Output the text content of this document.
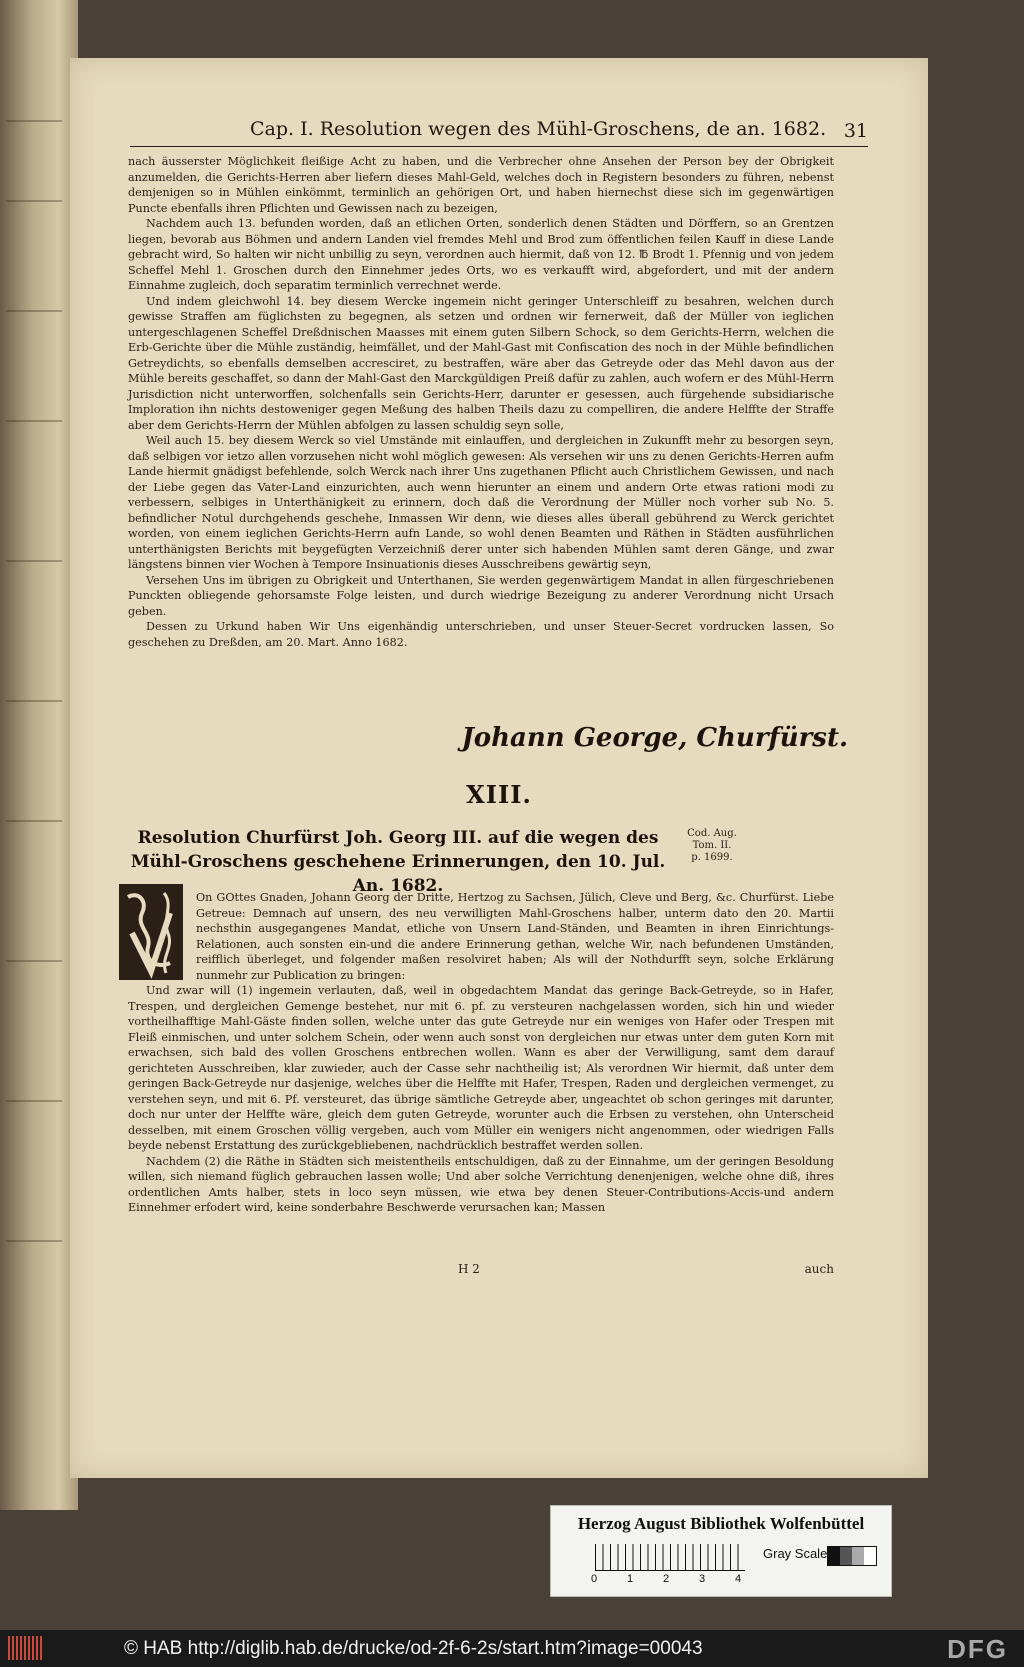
Cap. I. Resolution wegen des Mühl-Groschens, de an. 1682. 31

nach äusserster Möglichkeit fleißige Acht zu haben, und die Verbrecher ohne Ansehen der Person bey der Obrigkeit anzumelden, die Gerichts-Herren aber liefern dieses Mahl-Geld, welches doch in Registern besonders zu führen, nebenst demjenigen so in Mühlen einkömmt, terminlich an gehörigen Ort, und haben hiernechst diese sich im gegenwärtigen Puncte ebenfalls ihren Pflichten und Gewissen nach zu bezeigen,

Nachdem auch 13. befunden worden, daß an etlichen Orten, sonderlich denen Städten und Dörffern, so an Grentzen liegen, bevorab aus Böhmen und andern Landen viel fremdes Mehl und Brod zum öffentlichen feilen Kauff in diese Lande gebracht wird, So halten wir nicht unbillig zu seyn, verordnen auch hiermit, daß von 12. ℔ Brodt 1. Pfennig und von jedem Scheffel Mehl 1. Groschen durch den Einnehmer jedes Orts, wo es verkaufft wird, abgefordert, und mit der andern Einnahme zugleich, doch separatim terminlich verrechnet werde.

Und indem gleichwohl 14. bey diesem Wercke ingemein nicht geringer Unterschleiff zu besahren, welchen durch gewisse Straffen am füglichsten zu begegnen, als setzen und ordnen wir fernerweit, daß der Müller von ieglichen untergeschlagenen Scheffel Dreßdnischen Maasses mit einem guten Silbern Schock, so dem Gerichts-Herrn, welchen die Erb-Gerichte über die Mühle zuständig, heimfället, und der Mahl-Gast mit Confiscation des noch in der Mühle befindlichen Getreydichts, so ebenfalls demselben accresciret, zu bestraffen, wäre aber das Getreyde oder das Mehl davon aus der Mühle bereits geschaffet, so dann der Mahl-Gast den Marckgüldigen Preiß dafür zu zahlen, auch wofern er des Mühl-Herrn Jurisdiction nicht unterworffen, solchenfalls sein Gerichts-Herr, darunter er gesessen, auch fürgehende subsidiarische Imploration ihn nichts destoweniger gegen Meßung des halben Theils dazu zu compelliren, die andere Helffte der Straffe aber dem Gerichts-Herrn der Mühlen abfolgen zu lassen schuldig seyn solle,

Weil auch 15. bey diesem Werck so viel Umstände mit einlauffen, und dergleichen in Zukunfft mehr zu besorgen seyn, daß selbigen vor ietzo allen vorzusehen nicht wohl möglich gewesen: Als versehen wir uns zu denen Gerichts-Herren aufm Lande hiermit gnädigst befehlende, solch Werck nach ihrer Uns zugethanen Pflicht auch Christlichem Gewissen, und nach der Liebe gegen das Vater-Land einzurichten, auch wenn hierunter an einem und andern Orte etwas rationi modi zu verbessern, selbiges in Unterthänigkeit zu erinnern, doch daß die Verordnung der Müller noch vorher sub No. 5. befindlicher Notul durchgehends geschehe, Inmassen Wir denn, wie dieses alles überall gebührend zu Werck gerichtet worden, von einem ieglichen Gerichts-Herrn aufn Lande, so wohl denen Beamten und Räthen in Städten ausführlichen unterthänigsten Berichts mit beygefügten Verzeichniß derer unter sich habenden Mühlen samt deren Gänge, und zwar längstens binnen vier Wochen à Tempore Insinuationis dieses Ausschreibens gewärtig seyn,

Versehen Uns im übrigen zu Obrigkeit und Unterthanen, Sie werden gegenwärtigem Mandat in allen fürgeschriebenen Punckten obliegende gehorsamste Folge leisten, und durch wiedrige Bezeigung zu anderer Verordnung nicht Ursach geben.

Dessen zu Urkund haben Wir Uns eigenhändig unterschrieben, und unser Steuer-Secret vordrucken lassen, So geschehen zu Dreßden, am 20. Mart. Anno 1682.

Johann George, Churfürst.
XIII.
Resolution Churfürst Joh. Georg III. auf die wegen des Mühl-Groschens geschehene Erinnerungen, den 10. Jul. An. 1682.
Cod. Aug.
Tom. II.
p. 1699.

On GOttes Gnaden, Johann Georg der Dritte, Hertzog zu Sachsen, Jülich, Cleve und Berg, &c. Churfürst. Liebe Getreue: Demnach auf unsern, des neu verwilligten Mahl-Groschens halber, unterm dato den 20. Martii nechsthin ausgegangenes Mandat, etliche von Unsern Land-Ständen, und Beamten in ihren Einrichtungs-Relationen, auch sonsten ein-und die andere Erinnerung gethan, welche Wir, nach befundenen Umständen, reifflich überleget, und folgender maßen resolviret haben; Als will der Nothdurfft seyn, solche Erklärung nunmehr zur Publication zu bringen:

Und zwar will (1) ingemein verlauten, daß, weil in obgedachtem Mandat das geringe Back-Getreyde, so in Hafer, Trespen, und dergleichen Gemenge bestehet, nur mit 6. pf. zu versteuren nachgelassen worden, sich hin und wieder vortheilhafftige Mahl-Gäste finden sollen, welche unter das gute Getreyde nur ein weniges von Hafer oder Trespen mit Fleiß einmischen, und unter solchem Schein, oder wenn auch sonst von dergleichen nur etwas unter dem guten Korn mit erwachsen, sich bald des vollen Groschens entbrechen wollen. Wann es aber der Verwilligung, samt dem darauf gerichteten Ausschreiben, klar zuwieder, auch der Casse sehr nachtheilig ist; Als verordnen Wir hiermit, daß unter dem geringen Back-Getreyde nur dasjenige, welches über die Helffte mit Hafer, Trespen, Raden und dergleichen vermenget, zu verstehen seyn, und mit 6. Pf. versteuret, das übrige sämtliche Getreyde aber, ungeachtet ob schon geringes mit darunter, doch nur unter der Helffte wäre, gleich dem guten Getreyde, worunter auch die Erbsen zu verstehen, ohn Unterscheid desselben, mit einem Groschen völlig vergeben, auch vom Müller ein wenigers nicht angenommen, oder wiedrigen Falls beyde nebenst Erstattung des zurückgebliebenen, nachdrücklich bestraffet werden sollen.

Nachdem (2) die Räthe in Städten sich meistentheils entschuldigen, daß zu der Einnahme, um der geringen Besoldung willen, sich niemand füglich gebrauchen lassen wolle; Und aber solche Verrichtung denenjenigen, welche ohne diß, ihres ordentlichen Amts halber, stets in loco seyn müssen, wie etwa bey denen Steuer-Contributions-Accis-und andern Einnehmer erfodert wird, keine sonderbahre Beschwerde verursachen kan; Massen

H 2	auch
Herzog August Bibliothek Wolfenbüttel
0	1	2	3	4
Gray Scale
© HAB http://diglib.hab.de/drucke/od-2f-6-2s/start.htm?image=00043	DFG
